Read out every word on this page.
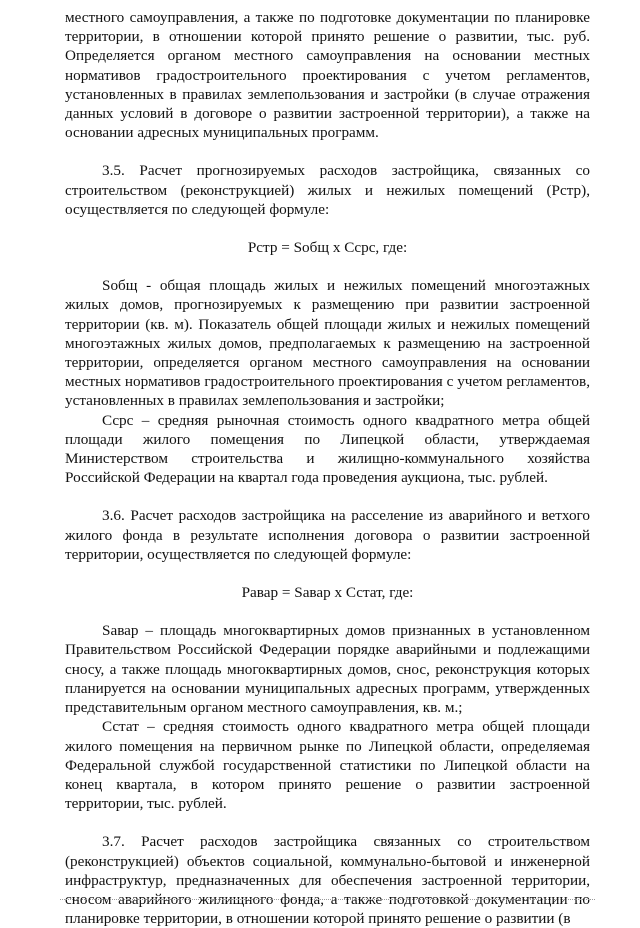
местного самоуправления, а также по подготовке документации по планировке территории, в отношении которой принято решение о развитии, тыс. руб. Определяется органом местного самоуправления на основании местных нормативов градостроительного проектирования с учетом регламентов, установленных в правилах землепользования и застройки (в случае отражения данных условий в договоре о развитии застроенной территории), а также на основании адресных муниципальных программ.

3.5. Расчет прогнозируемых расходов застройщика, связанных со строительством (реконструкцией) жилых и нежилых помещений (Рстр), осуществляется по следующей формуле:

Рстр = Sобщ х Сcрс, где:

Sобщ - общая площадь жилых и нежилых помещений многоэтажных жилых домов, прогнозируемых к размещению при развитии застроенной территории (кв. м). Показатель общей площади жилых и нежилых помещений многоэтажных жилых домов, предполагаемых к размещению на застроенной территории, определяется органом местного самоуправления на основании местных нормативов градостроительного проектирования с учетом регламентов, установленных в правилах землепользования и застройки;

Ссрс – средняя рыночная стоимость одного квадратного метра общей площади жилого помещения по Липецкой области, утверждаемая Министерством строительства и жилищно-коммунального хозяйства Российской Федерации на квартал года проведения аукциона, тыс. рублей.

3.6. Расчет расходов застройщика на расселение из аварийного и ветхого жилого фонда в результате исполнения договора о развитии застроенной территории, осуществляется по следующей формуле:

Равар = Sавар х Сстат, где:

Sавар – площадь многоквартирных домов признанных в установленном Правительством Российской Федерации порядке аварийными и подлежащими сносу, а также площадь многоквартирных домов, снос, реконструкция которых планируется на основании муниципальных адресных программ, утвержденных представительным органом местного самоуправления, кв. м.;

Сстат – средняя стоимость одного квадратного метра общей площади жилого помещения на первичном рынке по Липецкой области, определяемая Федеральной службой государственной статистики по Липецкой области на конец квартала, в котором принято решение о развитии застроенной территории, тыс. рублей.

3.7. Расчет расходов застройщика связанных со строительством (реконструкцией) объектов социальной, коммунально-бытовой и инженерной инфраструктур, предназначенных для обеспечения застроенной территории, сносом аварийного жилищного фонда, а также подготовкой документации по планировке территории, в отношении которой принято решение о развитии (в
